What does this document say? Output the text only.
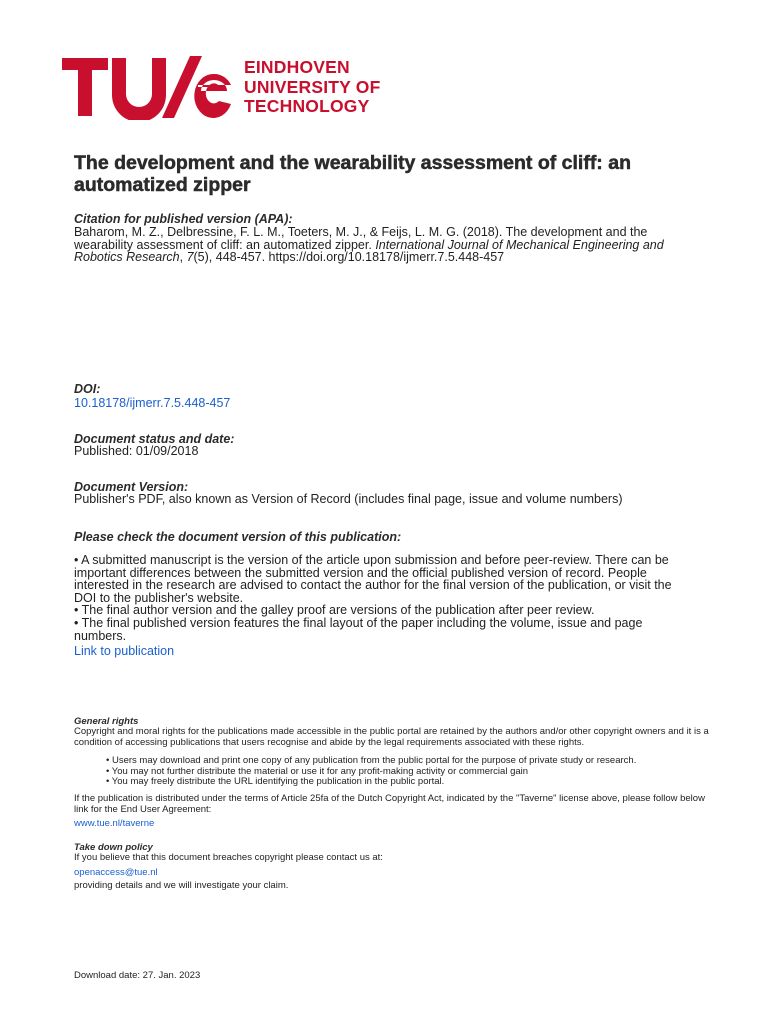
EINDHOVEN
UNIVERSITY OF
TECHNOLOGY
The development and the wearability assessment of cliff: an automatized zipper
Citation for published version (APA):
Baharom, M. Z., Delbressine, F. L. M., Toeters, M. J., & Feijs, L. M. G. (2018). The development and the wearability assessment of cliff: an automatized zipper. International Journal of Mechanical Engineering and Robotics Research, 7(5), 448-457. https://doi.org/10.18178/ijmerr.7.5.448-457
DOI:
10.18178/ijmerr.7.5.448-457
Document status and date:
Published: 01/09/2018
Document Version:
Publisher's PDF, also known as Version of Record (includes final page, issue and volume numbers)
Please check the document version of this publication:
• A submitted manuscript is the version of the article upon submission and before peer-review. There can be important differences between the submitted version and the official published version of record. People interested in the research are advised to contact the author for the final version of the publication, or visit the DOI to the publisher's website.
• The final author version and the galley proof are versions of the publication after peer review.
• The final published version features the final layout of the paper including the volume, issue and page numbers.
Link to publication
General rights
Copyright and moral rights for the publications made accessible in the public portal are retained by the authors and/or other copyright owners and it is a condition of accessing publications that users recognise and abide by the legal requirements associated with these rights.
• Users may download and print one copy of any publication from the public portal for the purpose of private study or research.
• You may not further distribute the material or use it for any profit-making activity or commercial gain
• You may freely distribute the URL identifying the publication in the public portal.
If the publication is distributed under the terms of Article 25fa of the Dutch Copyright Act, indicated by the "Taverne" license above, please follow below link for the End User Agreement:
www.tue.nl/taverne
Take down policy
If you believe that this document breaches copyright please contact us at:
openaccess@tue.nl
providing details and we will investigate your claim.
Download date: 27. Jan. 2023
